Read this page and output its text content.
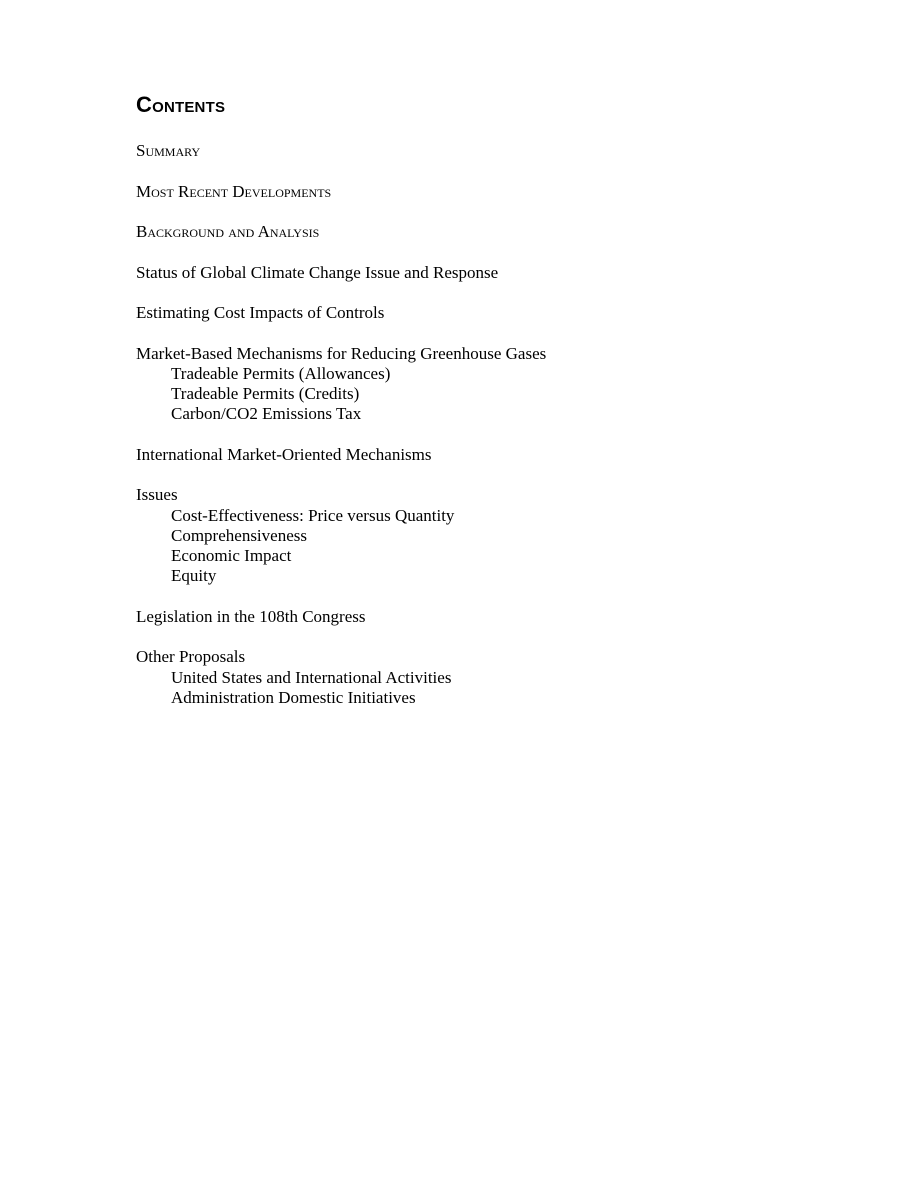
Contents
Summary
Most Recent Developments
Background and Analysis
Status of Global Climate Change Issue and Response
Estimating Cost Impacts of Controls
Market-Based Mechanisms for Reducing Greenhouse Gases
Tradeable Permits (Allowances)
Tradeable Permits (Credits)
Carbon/CO2 Emissions Tax
International Market-Oriented Mechanisms
Issues
Cost-Effectiveness: Price versus Quantity
Comprehensiveness
Economic Impact
Equity
Legislation in the 108th Congress
Other Proposals
United States and International Activities
Administration Domestic Initiatives
